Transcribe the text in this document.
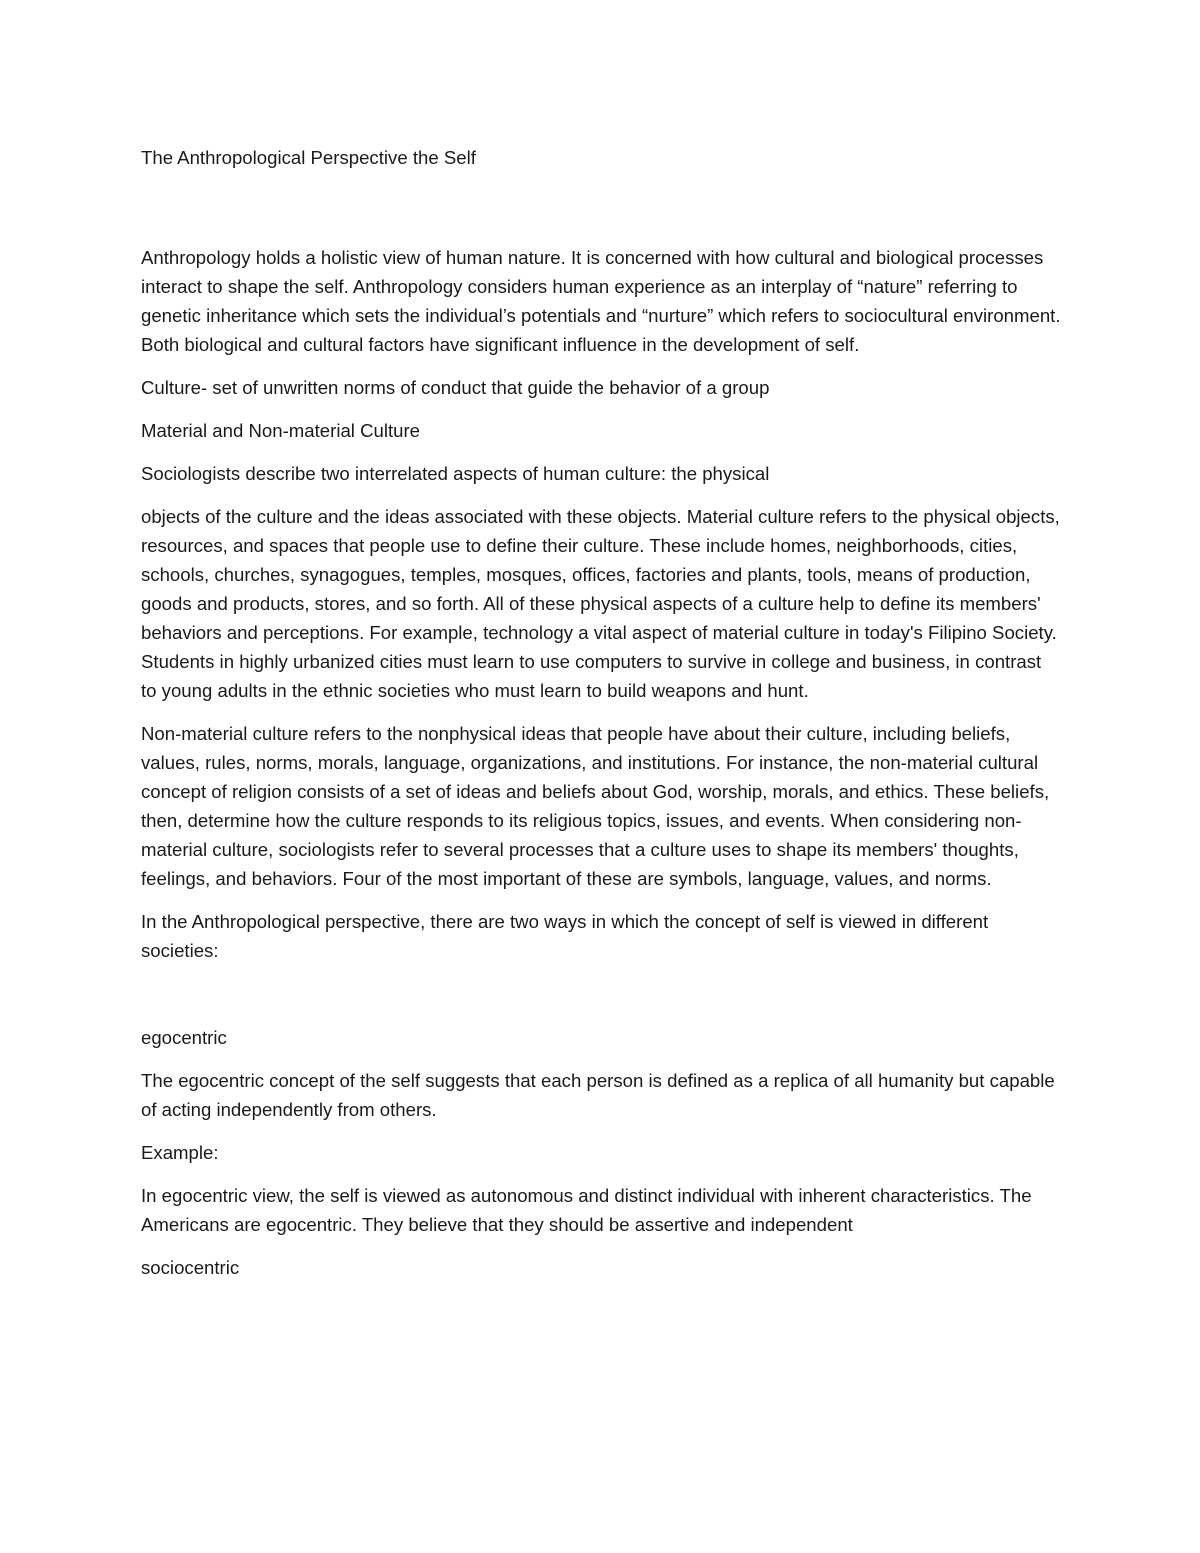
The Anthropological Perspective the Self

Anthropology holds a holistic view of human nature. It is concerned with how cultural and biological processes interact to shape the self. Anthropology considers human experience as an interplay of “nature” referring to genetic inheritance which sets the individual’s potentials and “nurture” which refers to sociocultural environment. Both biological and cultural factors have significant influence in the development of self.

Culture- set of unwritten norms of conduct that guide the behavior of a group

Material and Non-material Culture

Sociologists describe two interrelated aspects of human culture: the physical

objects of the culture and the ideas associated with these objects. Material culture refers to the physical objects, resources, and spaces that people use to define their culture. These include homes, neighborhoods, cities, schools, churches, synagogues, temples, mosques, offices, factories and plants, tools, means of production, goods and products, stores, and so forth. All of these physical aspects of a culture help to define its members' behaviors and perceptions. For example, technology a vital aspect of material culture in today's Filipino Society. Students in highly urbanized cities must learn to use computers to survive in college and business, in contrast to young adults in the ethnic societies who must learn to build weapons and hunt.

Non-material culture refers to the nonphysical ideas that people have about their culture, including beliefs, values, rules, norms, morals, language, organizations, and institutions. For instance, the non-material cultural concept of religion consists of a set of ideas and beliefs about God, worship, morals, and ethics. These beliefs, then, determine how the culture responds to its religious topics, issues, and events. When considering non-material culture, sociologists refer to several processes that a culture uses to shape its members' thoughts, feelings, and behaviors. Four of the most important of these are symbols, language, values, and norms.

In the Anthropological perspective, there are two ways in which the concept of self is viewed in different societies:

egocentric

The egocentric concept of the self suggests that each person is defined as a replica of all humanity but capable of acting independently from others.

Example:

In egocentric view, the self is viewed as autonomous and distinct individual with inherent characteristics. The Americans are egocentric. They believe that they should be assertive and independent

sociocentric
